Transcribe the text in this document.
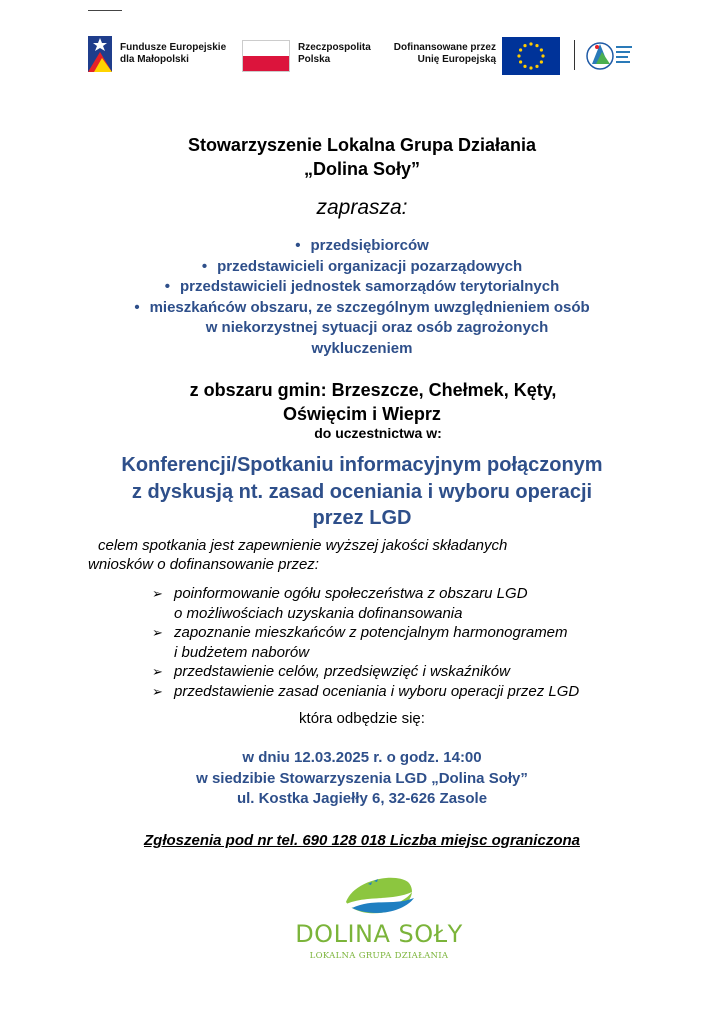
Fundusze Europejskie
dla Małopolski
Rzeczpospolita
Polska
Dofinansowane przez
Unię Europejską
Stowarzyszenie Lokalna Grupa Działania
„Dolina Soły”
zaprasza:
• przedsiębiorców
• przedstawicieli organizacji pozarządowych
• przedstawicieli jednostek samorządów terytorialnych
• mieszkańców obszaru, ze szczególnym uwzględnieniem osób
w niekorzystnej sytuacji oraz osób zagrożonych
wykluczeniem
z obszaru gmin: Brzeszcze, Chełmek, Kęty,
Oświęcim i Wieprz
do uczestnictwa w:
Konferencji/Spotkaniu informacyjnym połączonym
z dyskusją nt. zasad oceniania i wyboru operacji
przez LGD
celem spotkania jest zapewnienie wyższej jakości składanych
wniosków o dofinansowanie przez:
➢ poinformowanie ogółu społeczeństwa z obszaru LGD
o możliwościach uzyskania dofinansowania
➢ zapoznanie mieszkańców z potencjalnym harmonogramem
i budżetem naborów
➢ przedstawienie celów, przedsięwzięć i wskaźników
➢ przedstawienie zasad oceniania i wyboru operacji przez LGD
która odbędzie się:
w dniu 12.03.2025 r. o godz. 14:00
w siedzibie Stowarzyszenia LGD „Dolina Soły”
ul. Kostka Jagiełły 6, 32-626 Zasole
Zgłoszenia pod nr tel. 690 128 018 Liczba miejsc ograniczona
DOLINA SOŁY
LOKALNA GRUPA DZIAŁANIA
